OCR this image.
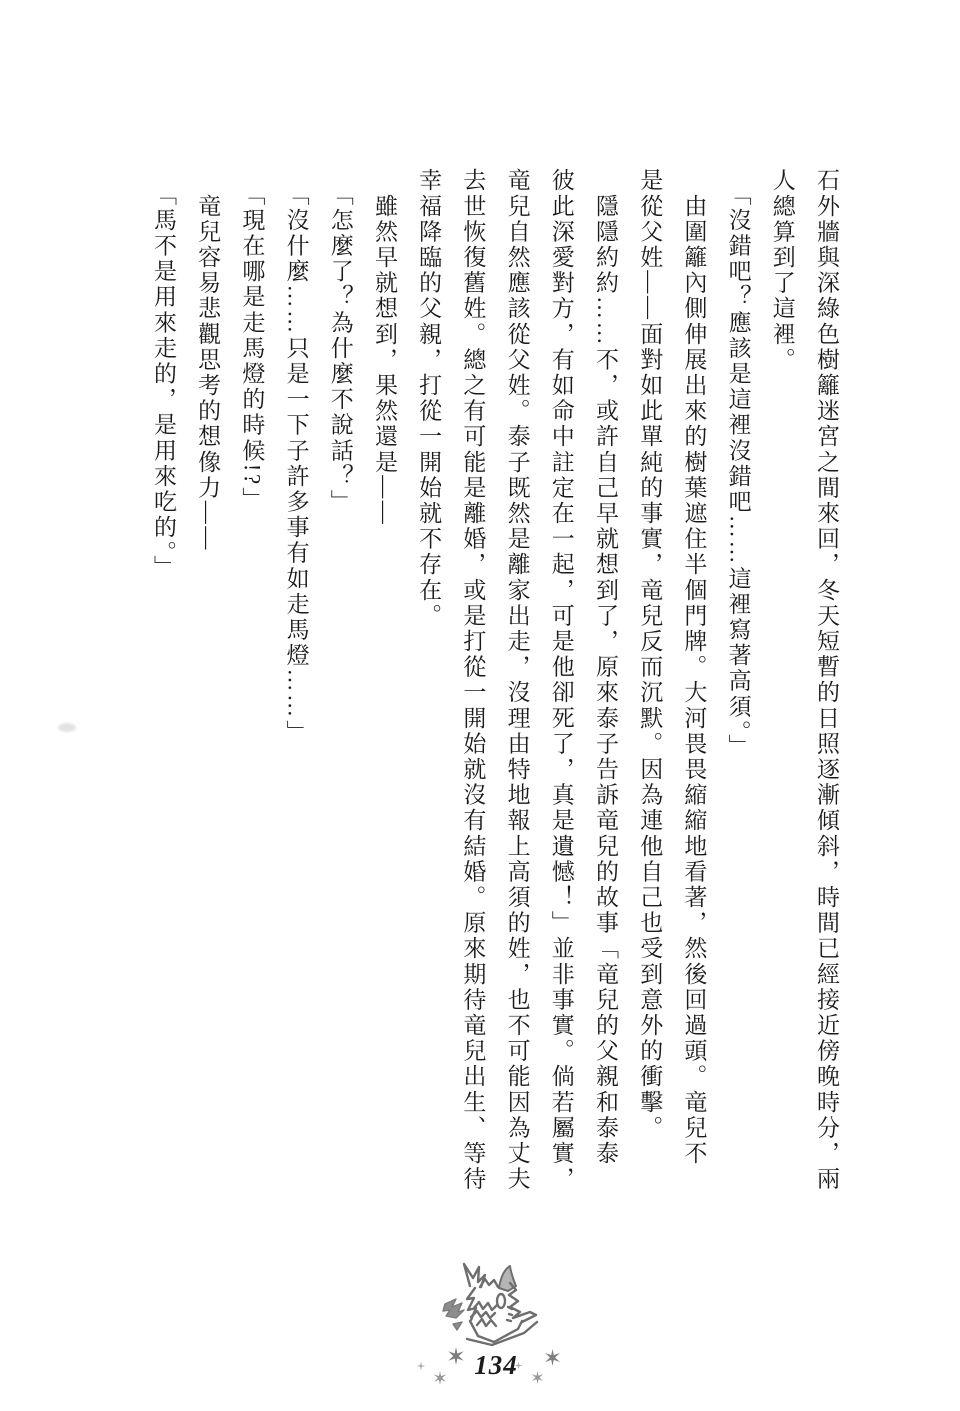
石外牆與深綠色樹籬迷宮之間來回，冬天短暫的日照逐漸傾斜，時間已經接近傍晚時分，兩

人總算到了這裡。

　「沒錯吧？應該是這裡沒錯吧……這裡寫著高須。」

　由圍籬內側伸展出來的樹葉遮住半個門牌。大河畏畏縮縮地看著，然後回過頭。竜兒不

是從父姓——面對如此單純的事實，竜兒反而沉默。因為連他自己也受到意外的衝擊。

　隱隱約約……不，或許自己早就想到了，原來泰子告訴竜兒的故事「竜兒的父親和泰泰

彼此深愛對方，有如命中註定在一起，可是他卻死了，真是遺憾！」並非事實。倘若屬實，

竜兒自然應該從父姓。泰子既然是離家出走，沒理由特地報上高須的姓，也不可能因為丈夫

去世恢復舊姓。總之有可能是離婚，或是打從一開始就沒有結婚。原來期待竜兒出生、等待

幸福降臨的父親，打從一開始就不存在。

　雖然早就想到，果然還是——

　「怎麼了？為什麼不說話？」

　「沒什麼……只是一下子許多事有如走馬燈……」

　「現在哪是走馬燈的時候!?」

　竜兒容易悲觀思考的想像力——

　「馬不是用來走的，是用來吃的。」

134
